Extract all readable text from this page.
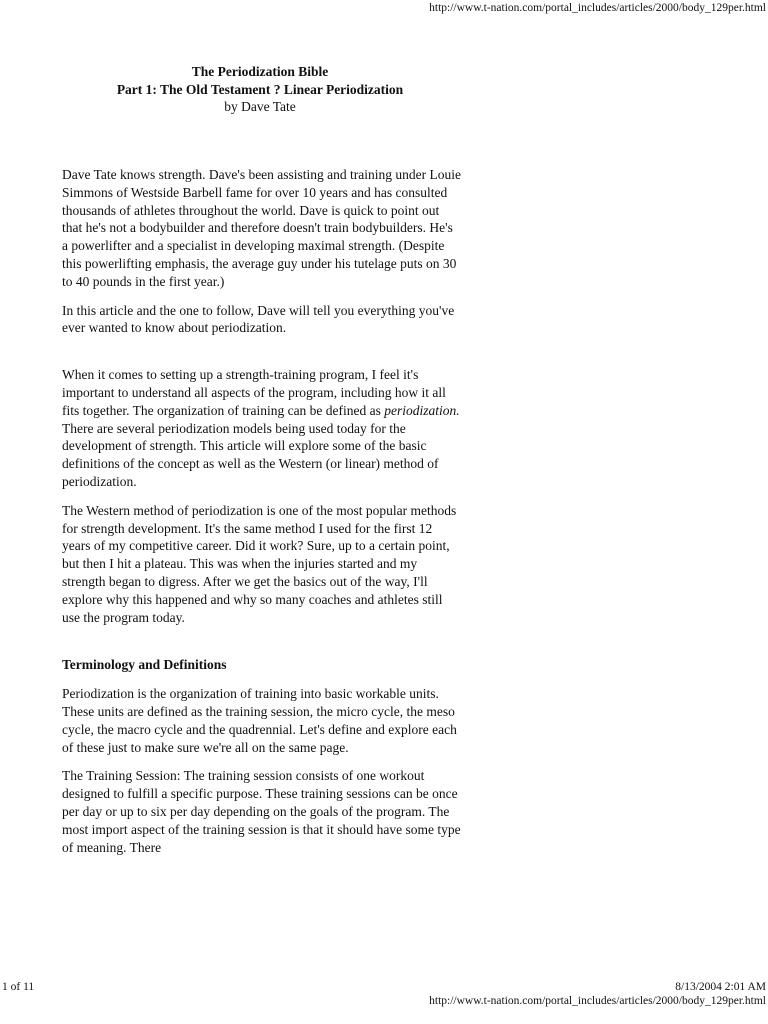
http://www.t-nation.com/portal_includes/articles/2000/body_129per.html
The Periodization Bible
Part 1: The Old Testament ? Linear Periodization
by Dave Tate

Dave Tate knows strength. Dave's been assisting and training under Louie Simmons of Westside Barbell fame for over 10 years and has consulted thousands of athletes throughout the world. Dave is quick to point out that he's not a bodybuilder and therefore doesn't train bodybuilders. He's a powerlifter and a specialist in developing maximal strength. (Despite this powerlifting emphasis, the average guy under his tutelage puts on 30 to 40 pounds in the first year.)

In this article and the one to follow, Dave will tell you everything you've ever wanted to know about periodization.

When it comes to setting up a strength-training program, I feel it's important to understand all aspects of the program, including how it all fits together. The organization of training can be defined as periodization. There are several periodization models being used today for the development of strength. This article will explore some of the basic definitions of the concept as well as the Western (or linear) method of periodization.

The Western method of periodization is one of the most popular methods for strength development. It's the same method I used for the first 12 years of my competitive career. Did it work? Sure, up to a certain point, but then I hit a plateau. This was when the injuries started and my strength began to digress. After we get the basics out of the way, I'll explore why this happened and why so many coaches and athletes still use the program today.

Terminology and Definitions

Periodization is the organization of training into basic workable units. These units are defined as the training session, the micro cycle, the meso cycle, the macro cycle and the quadrennial. Let's define and explore each of these just to make sure we're all on the same page.

The Training Session: The training session consists of one workout designed to fulfill a specific purpose. These training sessions can be once per day or up to six per day depending on the goals of the program. The most import aspect of the training session is that it should have some type of meaning. There

1 of 11	8/13/2004 2:01 AM
http://www.t-nation.com/portal_includes/articles/2000/body_129per.html
